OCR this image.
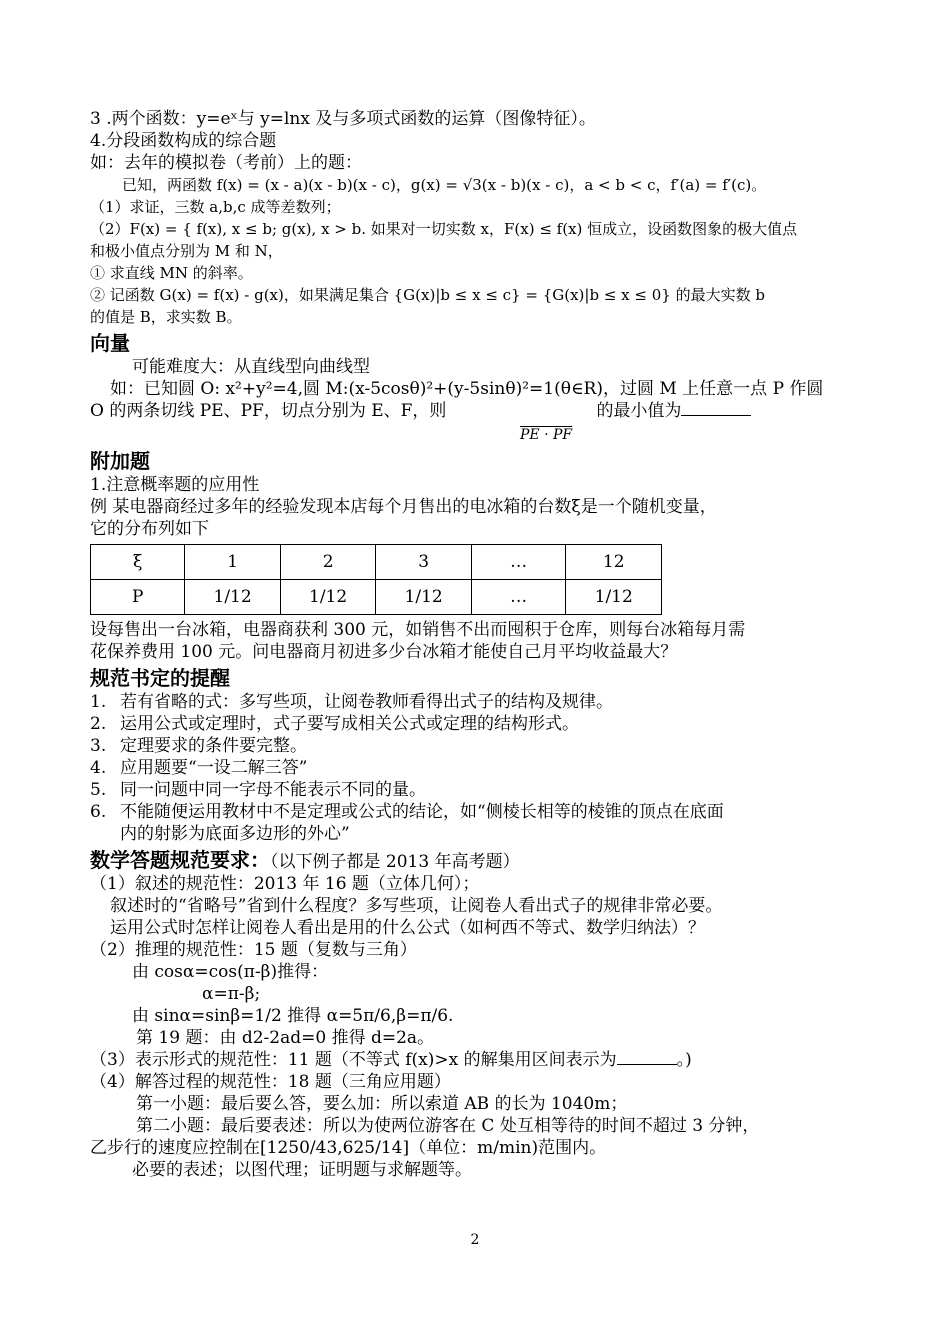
3 .两个函数：y=eˣ与 y=lnx 及与多项式函数的运算（图像特征）。
4.分段函数构成的综合题
如：去年的模拟卷（考前）上的题：
已知，两函数 f(x) = (x - a)(x - b)(x - c)，g(x) = √3(x - b)(x - c)，a < b < c，f′(a) = f′(c)。
（1）求证，三数 a,b,c 成等差数列；
（2）F(x) = { f(x), x ≤ b; g(x), x > b. 如果对一切实数 x，F(x) ≤ f(x) 恒成立，设函数图象的极大值点
和极小值点分别为 M 和 N，
① 求直线 MN 的斜率。
② 记函数 G(x) = f(x) - g(x)，如果满足集合 {G(x)|b ≤ x ≤ c} = {G(x)|b ≤ x ≤ 0} 的最大实数 b
的值是 B，求实数 B。
向量
可能难度大：从直线型向曲线型
如：已知圆 O: x²+y²=4,圆 M:(x-5cosθ)²+(y-5sinθ)²=1(θ∈R)，过圆 M 上任意一点 P 作圆
O 的两条切线 PE、PF，切点分别为 E、F，则	的最小值为
PE · PF
附加题
1.注意概率题的应用性
例 某电器商经过多年的经验发现本店每个月售出的电冰箱的台数ξ是一个随机变量，
它的分布列如下
ξ	1	2	3	…	12
P	1/12	1/12	1/12	…	1/12
设每售出一台冰箱，电器商获利 300 元，如销售不出而囤积于仓库，则每台冰箱每月需
花保养费用 100 元。问电器商月初进多少台冰箱才能使自己月平均收益最大？
规范书定的提醒
1. 若有省略的式：多写些项，让阅卷教师看得出式子的结构及规律。
2. 运用公式或定理时，式子要写成相关公式或定理的结构形式。
3. 定理要求的条件要完整。
4. 应用题要“一设二解三答”
5. 同一问题中同一字母不能表示不同的量。
6. 不能随便运用教材中不是定理或公式的结论，如“侧棱长相等的棱锥的顶点在底面
内的射影为底面多边形的外心”
数学答题规范要求：（以下例子都是 2013 年高考题）
（1）叙述的规范性：2013 年 16 题（立体几何）；
叙述时的“省略号”省到什么程度？多写些项，让阅卷人看出式子的规律非常必要。
运用公式时怎样让阅卷人看出是用的什么公式（如柯西不等式、数学归纳法）？
（2）推理的规范性：15 题（复数与三角）
由 cosα=cos(π-β)推得：
α=π-β;
由 sinα=sinβ=1/2 推得 α=5π/6,β=π/6.
第 19 题：由 d2-2ad=0 推得 d=2a。
（3）表示形式的规范性：11 题（不等式 f(x)>x 的解集用区间表示为	。)
（4）解答过程的规范性：18 题（三角应用题）
第一小题：最后要么答，要么加：所以索道 AB 的长为 1040m；
第二小题：最后要表述：所以为使两位游客在 C 处互相等待的时间不超过 3 分钟，
乙步行的速度应控制在[1250/43,625/14]（单位：m/min)范围内。
必要的表述；以图代理；证明题与求解题等。
2
